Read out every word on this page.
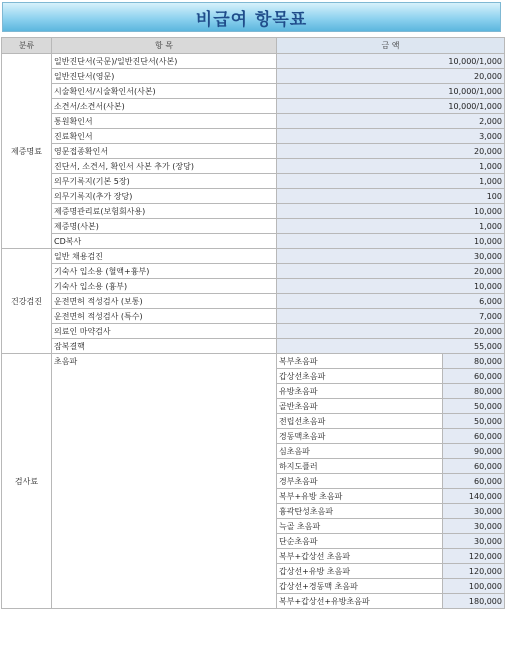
비급여 항목표
분류	항 목	금 액	
제증명료	일반진단서(국문)/일반진단서(사본)	10,000/1,000	
	일반진단서(영문)	20,000	
	시술확인서/시술확인서(사본)	10,000/1,000	
	소견서/소견서(사본)	10,000/1,000	
	통원확인서	2,000	
	진료확인서	3,000	
	영문접종확인서	20,000	
	진단서, 소견서, 확인서 사본 추가 (장당)	1,000	
	의무기록지(기본 5장)	1,000	
	의무기록지(추가 장당)	100	
	제증명관리료(보험회사용)	10,000	
	제증명(사본)	1,000	
	CD복사	10,000	
건강검진	일반 채용검진	30,000	
	기숙사 입소용 (혈액+흉부)	20,000	
	기숙사 입소용 (흉부)	10,000	
	운전면허 적성검사 (보통)	6,000	
	운전면허 적성검사 (특수)	7,000	
	의료인 마약검사	20,000	
	잠복결핵	55,000	
검사료	초음파	복부초음파	80,000
		갑상선초음파	60,000
		유방초음파	80,000
		골반초음파	50,000
		전립선초음파	50,000
		경동맥초음파	60,000
		심초음파	90,000
		하지도플러	60,000
		경부초음파	60,000
		복부+유방 초음파	140,000
		흉곽탄성초음파	30,000
		늑골 초음파	30,000
		단순초음파	30,000
		복부+갑상선 초음파	120,000
		갑상선+유방 초음파	120,000
		갑상선+경동맥 초음파	100,000
		복부+갑상선+유방초음파	180,000
